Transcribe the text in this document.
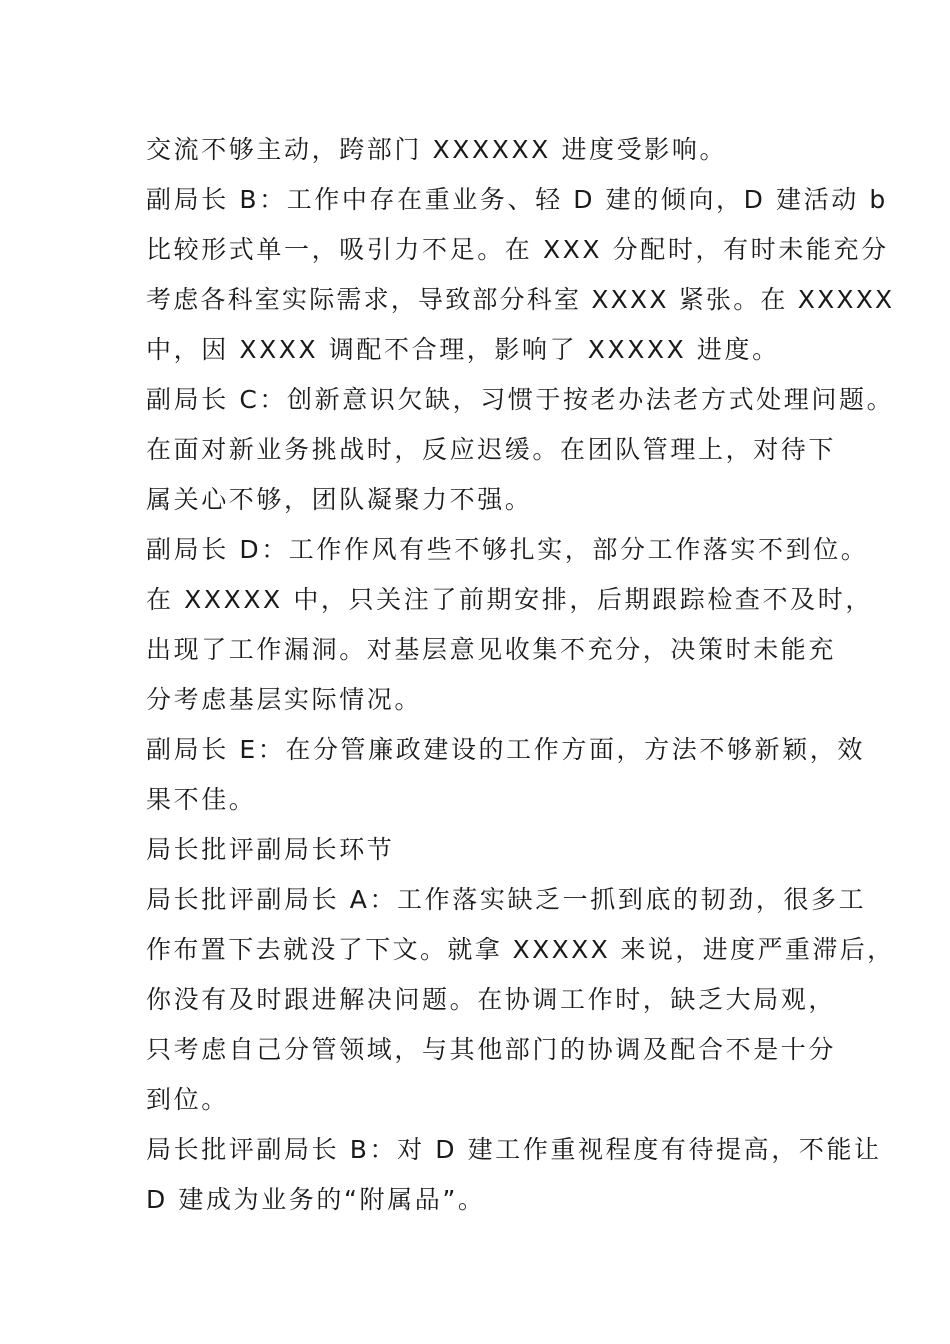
交流不够主动，跨部门 XXXXXX 进度受影响。

副局长 B：工作中存在重业务、轻 D 建的倾向，D 建活动 b

比较形式单一，吸引力不足。在 XXX 分配时，有时未能充分

考虑各科室实际需求，导致部分科室 XXXX 紧张。在 XXXXX

中，因 XXXX 调配不合理，影响了 XXXXX 进度。

副局长 C：创新意识欠缺，习惯于按老办法老方式处理问题。

在面对新业务挑战时，反应迟缓。在团队管理上，对待下

属关心不够，团队凝聚力不强。

副局长 D：工作作风有些不够扎实，部分工作落实不到位。

在 XXXXX 中，只关注了前期安排，后期跟踪检查不及时，

出现了工作漏洞。对基层意见收集不充分，决策时未能充

分考虑基层实际情况。

副局长 E：在分管廉政建设的工作方面，方法不够新颖，效

果不佳。

局长批评副局长环节

局长批评副局长 A：工作落实缺乏一抓到底的韧劲，很多工

作布置下去就没了下文。就拿 XXXXX 来说，进度严重滞后，

你没有及时跟进解决问题。在协调工作时，缺乏大局观，

只考虑自己分管领域，与其他部门的协调及配合不是十分

到位。

局长批评副局长 B：对 D 建工作重视程度有待提高，不能让

D 建成为业务的“附属品”。
